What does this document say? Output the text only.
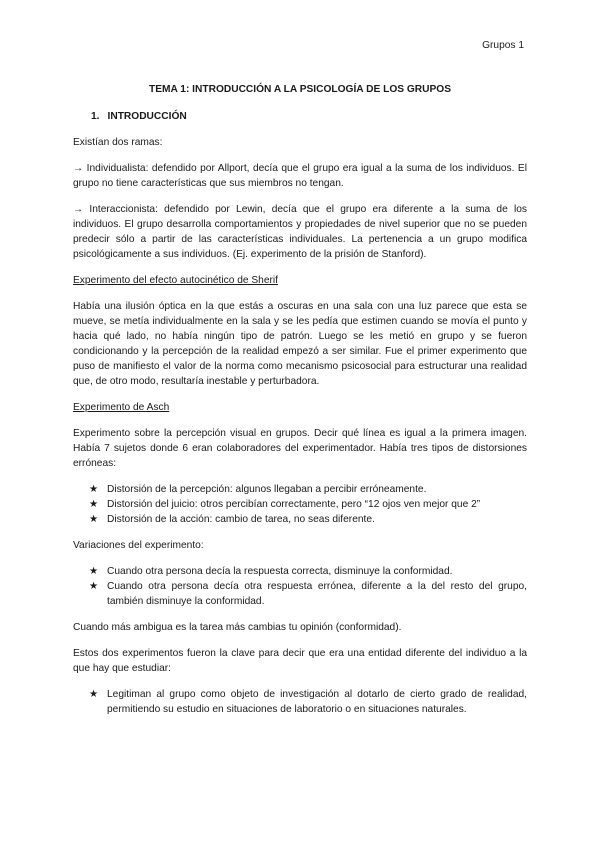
Grupos 1
TEMA 1: INTRODUCCIÓN A LA PSICOLOGÍA DE LOS GRUPOS
1. INTRODUCCIÓN

Existían dos ramas:

→ Individualista: defendido por Allport, decía que el grupo era igual a la suma de los individuos. El grupo no tiene características que sus miembros no tengan.

→ Interaccionista: defendido por Lewin, decía que el grupo era diferente a la suma de los individuos. El grupo desarrolla comportamientos y propiedades de nivel superior que no se pueden predecir sólo a partir de las características individuales. La pertenencia a un grupo modifica psicológicamente a sus individuos. (Ej. experimento de la prisión de Stanford).

Experimento del efecto autocinético de Sherif

Había una ilusión óptica en la que estás a oscuras en una sala con una luz parece que esta se mueve, se metía individualmente en la sala y se les pedía que estimen cuando se movía el punto y hacia qué lado, no había ningún tipo de patrón. Luego se les metió en grupo y se fueron condicionando y la percepción de la realidad empezó a ser similar. Fue el primer experimento que puso de manifiesto el valor de la norma como mecanismo psicosocial para estructurar una realidad que, de otro modo, resultaría inestable y perturbadora.

Experimento de Asch

Experimento sobre la percepción visual en grupos. Decir qué línea es igual a la primera imagen. Había 7 sujetos donde 6 eran colaboradores del experimentador. Había tres tipos de distorsiones erróneas:

★ Distorsión de la percepción: algunos llegaban a percibir erróneamente.
★ Distorsión del juicio: otros percibían correctamente, pero “12 ojos ven mejor que 2”
★ Distorsión de la acción: cambio de tarea, no seas diferente.

Variaciones del experimento:

★ Cuando otra persona decía la respuesta correcta, disminuye la conformidad.
★ Cuando otra persona decía otra respuesta errónea, diferente a la del resto del grupo, también disminuye la conformidad.

Cuando más ambigua es la tarea más cambias tu opinión (conformidad).

Estos dos experimentos fueron la clave para decir que era una entidad diferente del individuo a la que hay que estudiar:

★ Legitiman al grupo como objeto de investigación al dotarlo de cierto grado de realidad, permitiendo su estudio en situaciones de laboratorio o en situaciones naturales.
